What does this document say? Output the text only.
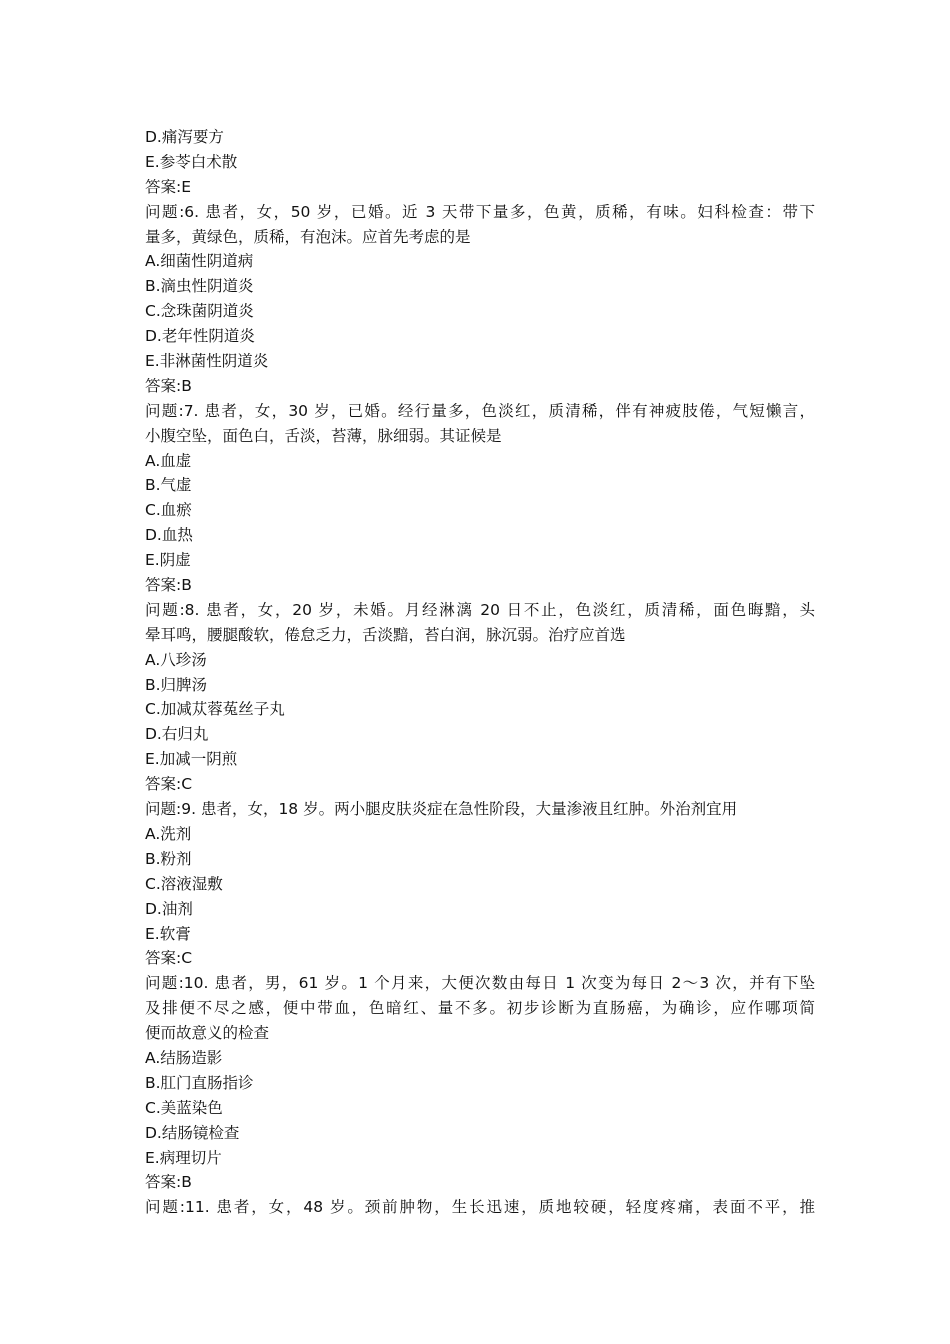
D.痛泻要方
E.参苓白术散
答案:E
问题:6. 患者，女，50 岁，已婚。近 3 天带下量多，色黄，质稀，有味。妇科检查：带下
量多，黄绿色，质稀，有泡沫。应首先考虑的是
A.细菌性阴道病
B.滴虫性阴道炎
C.念珠菌阴道炎
D.老年性阴道炎
E.非淋菌性阴道炎
答案:B
问题:7. 患者，女，30 岁，已婚。经行量多，色淡红，质清稀，伴有神疲肢倦，气短懒言，
小腹空坠，面色白，舌淡，苔薄，脉细弱。其证候是
A.血虚
B.气虚
C.血瘀
D.血热
E.阴虚
答案:B
问题:8. 患者，女，20 岁，未婚。月经淋漓 20 日不止，色淡红，质清稀，面色晦黯，头
晕耳鸣，腰腿酸软，倦怠乏力，舌淡黯，苔白润，脉沉弱。治疗应首选
A.八珍汤
B.归脾汤
C.加减苁蓉菟丝子丸
D.右归丸
E.加减一阴煎
答案:C
问题:9. 患者，女，18 岁。两小腿皮肤炎症在急性阶段，大量渗液且红肿。外治剂宜用
A.洗剂
B.粉剂
C.溶液湿敷
D.油剂
E.软膏
答案:C
问题:10. 患者，男，61 岁。1 个月来，大便次数由每日 1 次变为每日 2～3 次，并有下坠
及排便不尽之感，便中带血，色暗红、量不多。初步诊断为直肠癌，为确诊，应作哪项简
便而故意义的检查
A.结肠造影
B.肛门直肠指诊
C.美蓝染色
D.结肠镜检查
E.病理切片
答案:B
问题:11. 患者，女，48 岁。颈前肿物，生长迅速，质地较硬，轻度疼痛，表面不平，推
